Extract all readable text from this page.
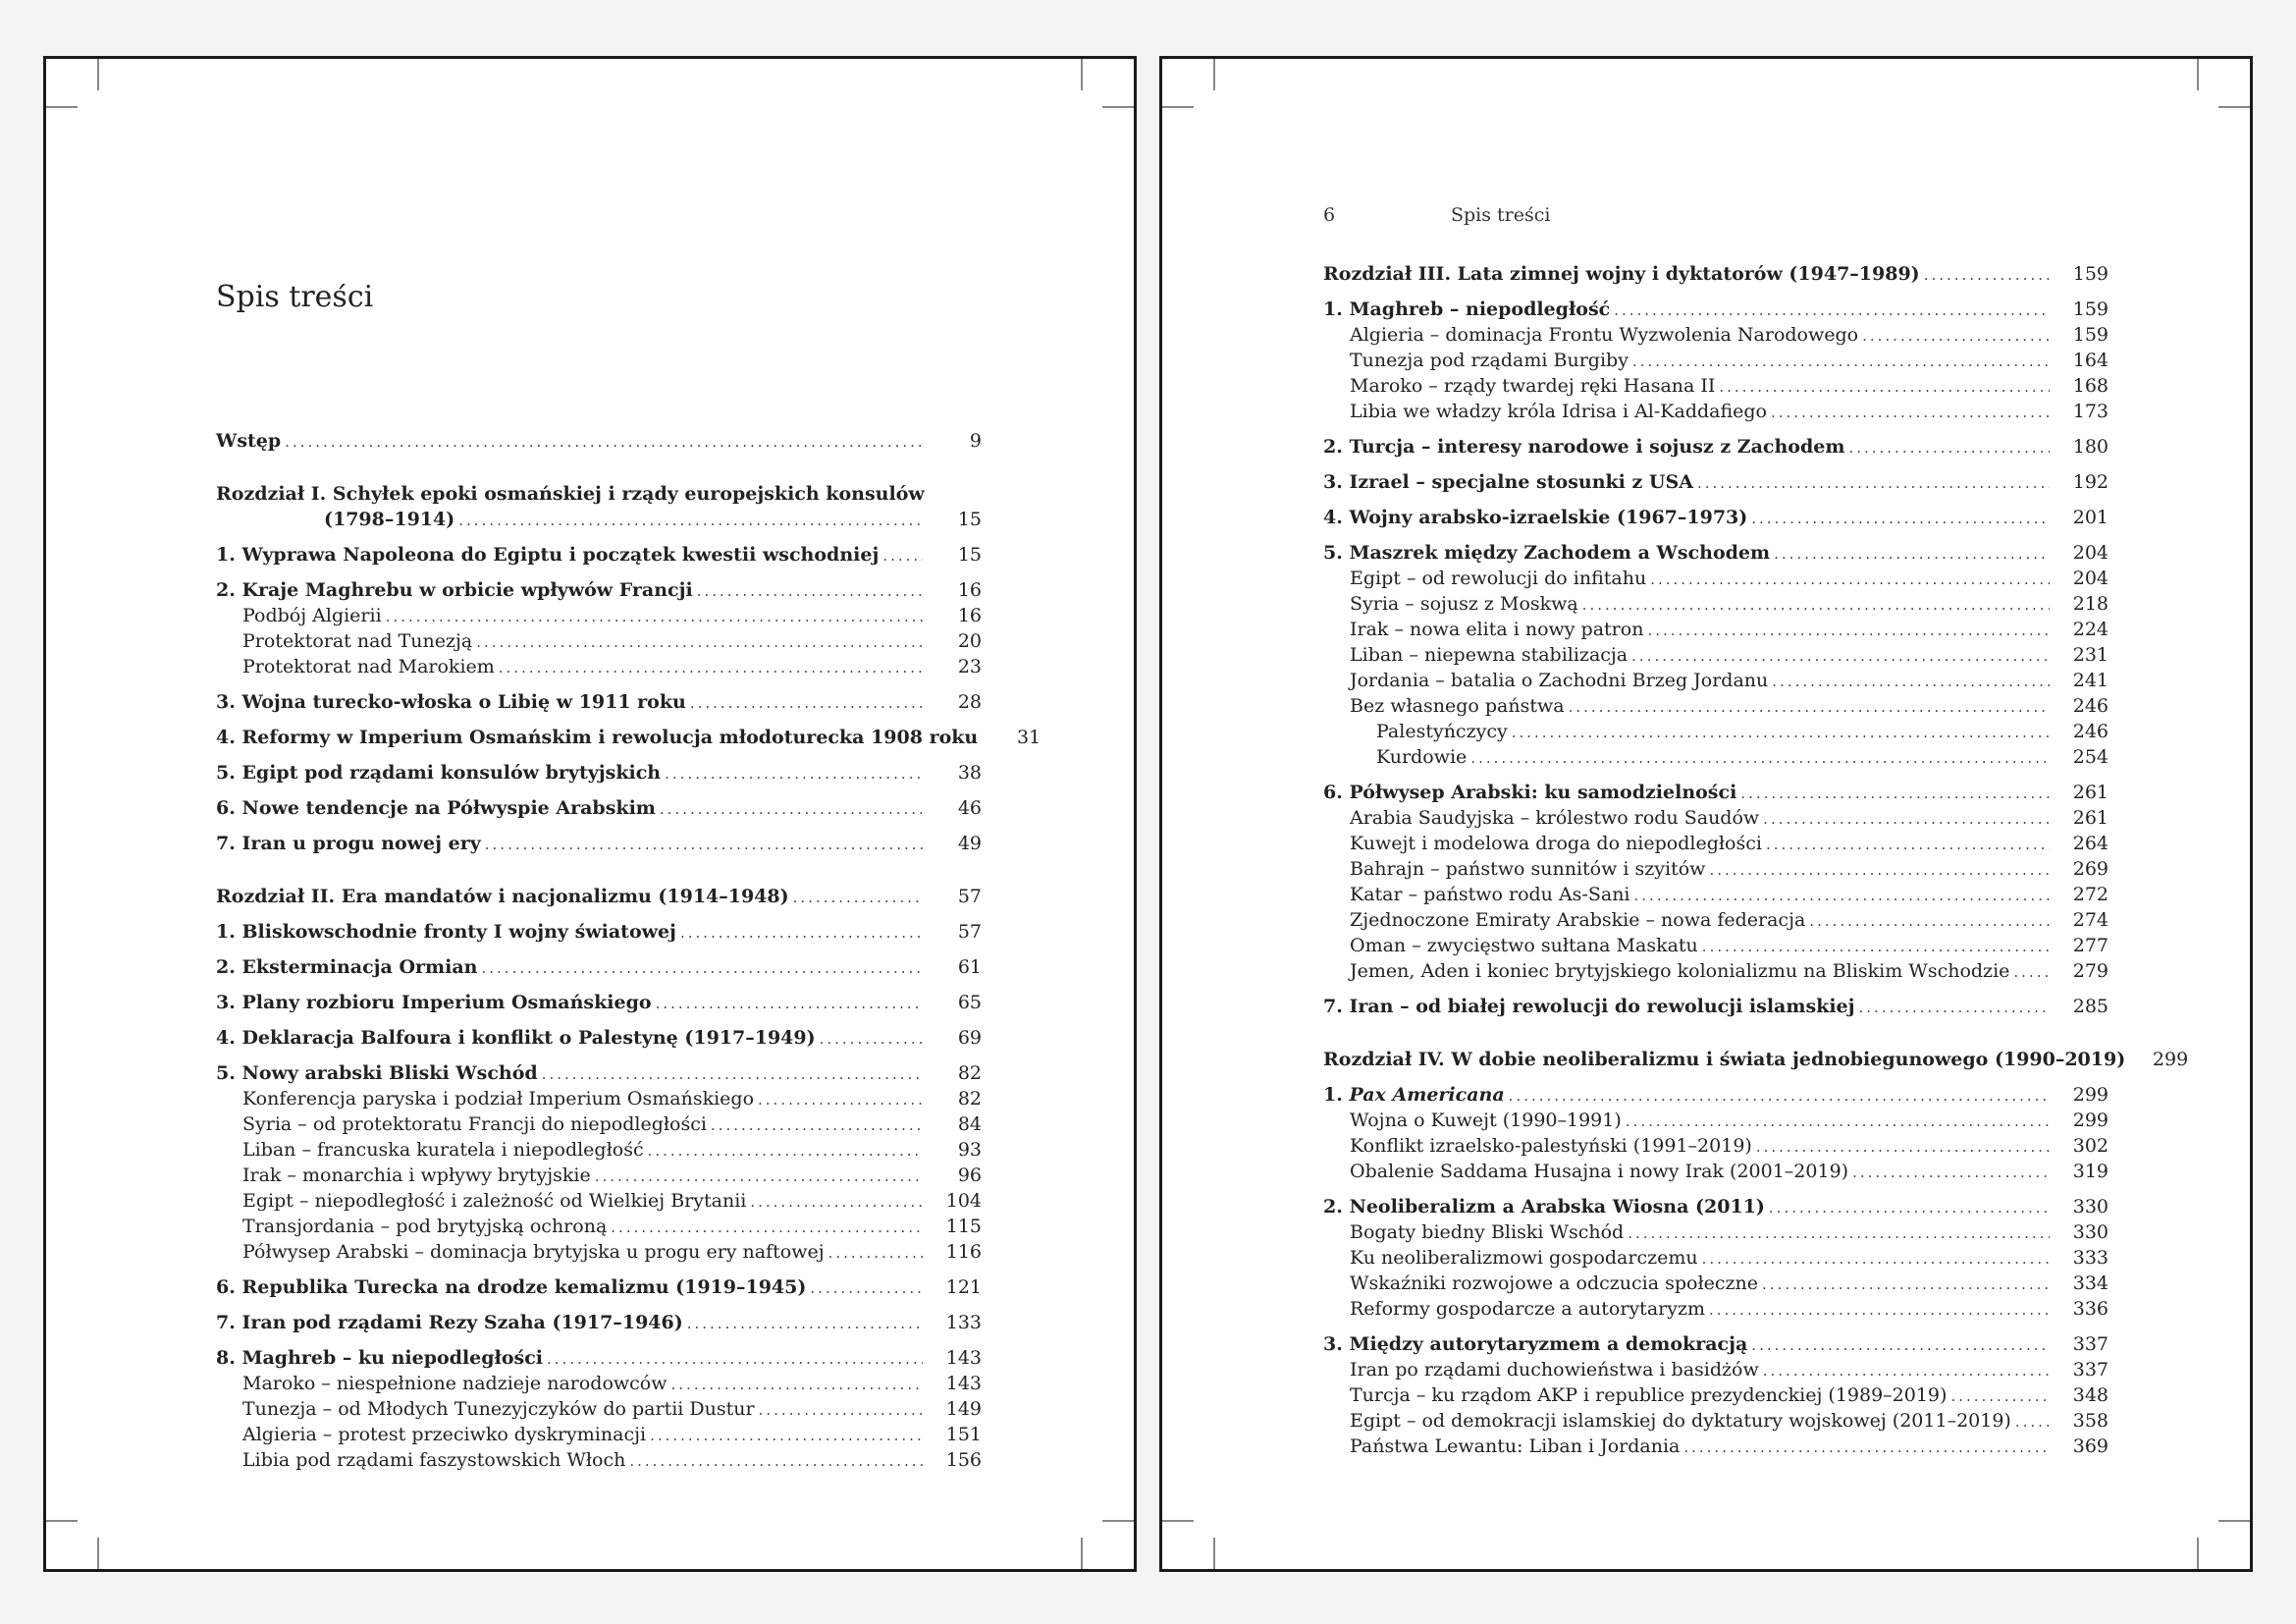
Spis treści
Wstęp .....	9
Rozdział I. Schyłek epoki osmańskiej i rządy europejskich konsulów
(1798–1914) .....	15
1. Wyprawa Napoleona do Egiptu i początek kwestii wschodniej .....	15
2. Kraje Maghrebu w orbicie wpływów Francji .....	16
Podbój Algierii .....	16
Protektorat nad Tunezją .....	20
Protektorat nad Marokiem .....	23
3. Wojna turecko-włoska o Libię w 1911 roku .....	28
4. Reformy w Imperium Osmańskim i rewolucja młodoturecka 1908 roku	31
5. Egipt pod rządami konsulów brytyjskich .....	38
6. Nowe tendencje na Półwyspie Arabskim .....	46
7. Iran u progu nowej ery .....	49
Rozdział II. Era mandatów i nacjonalizmu (1914–1948) .....	57
1. Bliskowschodnie fronty I wojny światowej .....	57
2. Eksterminacja Ormian .....	61
3. Plany rozbioru Imperium Osmańskiego .....	65
4. Deklaracja Balfoura i konflikt o Palestynę (1917–1949) .....	69
5. Nowy arabski Bliski Wschód .....	82
Konferencja paryska i podział Imperium Osmańskiego .....	82
Syria – od protektoratu Francji do niepodległości .....	84
Liban – francuska kuratela i niepodległość .....	93
Irak – monarchia i wpływy brytyjskie .....	96
Egipt – niepodległość i zależność od Wielkiej Brytanii .....	104
Transjordania – pod brytyjską ochroną .....	115
Półwysep Arabski – dominacja brytyjska u progu ery naftowej .....	116
6. Republika Turecka na drodze kemalizmu (1919–1945) .....	121
7. Iran pod rządami Rezy Szaha (1917–1946) .....	133
8. Maghreb – ku niepodległości .....	143
Maroko – niespełnione nadzieje narodowców .....	143
Tunezja – od Młodych Tunezyjczyków do partii Dustur .....	149
Algieria – protest przeciwko dyskryminacji .....	151
Libia pod rządami faszystowskich Włoch .....	156
6	Spis treści
Rozdział III. Lata zimnej wojny i dyktatorów (1947–1989) .....	159
1. Maghreb – niepodległość .....	159
Algieria – dominacja Frontu Wyzwolenia Narodowego .....	159
Tunezja pod rządami Burgiby .....	164
Maroko – rządy twardej ręki Hasana II .....	168
Libia we władzy króla Idrisa i Al-Kaddafiego .....	173
2. Turcja – interesy narodowe i sojusz z Zachodem .....	180
3. Izrael – specjalne stosunki z USA .....	192
4. Wojny arabsko-izraelskie (1967–1973) .....	201
5. Maszrek między Zachodem a Wschodem .....	204
Egipt – od rewolucji do infitahu .....	204
Syria – sojusz z Moskwą .....	218
Irak – nowa elita i nowy patron .....	224
Liban – niepewna stabilizacja .....	231
Jordania – batalia o Zachodni Brzeg Jordanu .....	241
Bez własnego państwa .....	246
Palestyńczycy .....	246
Kurdowie .....	254
6. Półwysep Arabski: ku samodzielności .....	261
Arabia Saudyjska – królestwo rodu Saudów .....	261
Kuwejt i modelowa droga do niepodległości .....	264
Bahrajn – państwo sunnitów i szyitów .....	269
Katar – państwo rodu As-Sani .....	272
Zjednoczone Emiraty Arabskie – nowa federacja .....	274
Oman – zwycięstwo sułtana Maskatu .....	277
Jemen, Aden i koniec brytyjskiego kolonializmu na Bliskim Wschodzie .....	279
7. Iran – od białej rewolucji do rewolucji islamskiej .....	285
Rozdział IV. W dobie neoliberalizmu i świata jednobiegunowego (1990–2019)	299
1. Pax Americana .....	299
Wojna o Kuwejt (1990–1991) .....	299
Konflikt izraelsko-palestyński (1991–2019) .....	302
Obalenie Saddama Husajna i nowy Irak (2001–2019) .....	319
2. Neoliberalizm a Arabska Wiosna (2011) .....	330
Bogaty biedny Bliski Wschód .....	330
Ku neoliberalizmowi gospodarczemu .....	333
Wskaźniki rozwojowe a odczucia społeczne .....	334
Reformy gospodarcze a autorytaryzm .....	336
3. Między autorytaryzmem a demokracją .....	337
Iran po rządami duchowieństwa i basidżów .....	337
Turcja – ku rządom AKP i republice prezydenckiej (1989–2019) .....	348
Egipt – od demokracji islamskiej do dyktatury wojskowej (2011–2019) .....	358
Państwa Lewantu: Liban i Jordania .....	369
